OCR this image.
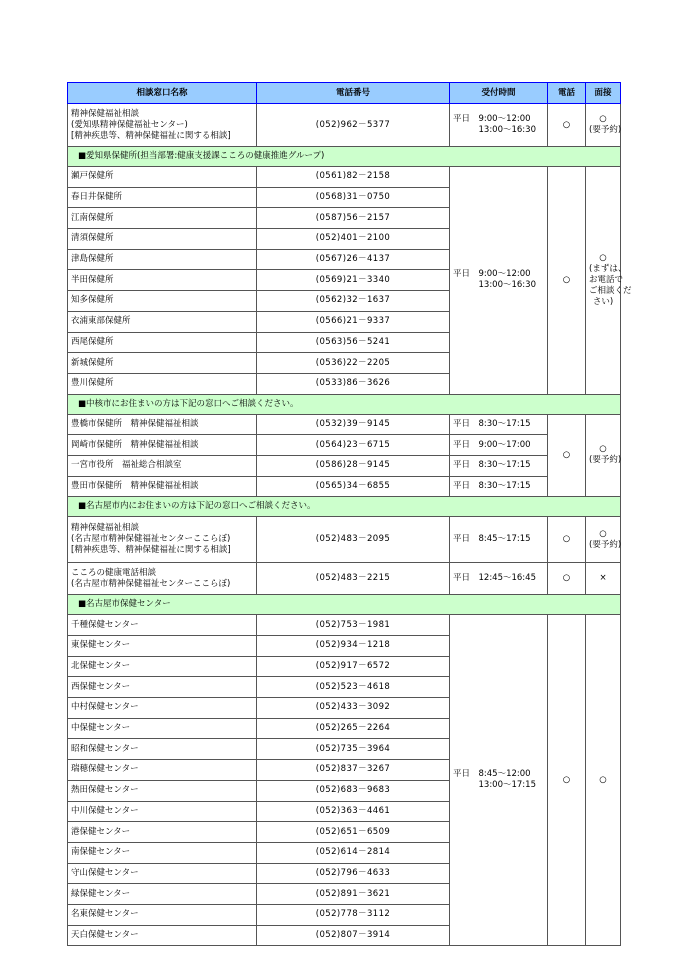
相談窓口名称	電話番号	受付時間	電話	面接
精神保健福祉相談
(愛知県精神保健福祉センター)
[精神疾患等、精神保健福祉に関する相談]	(052)962－5377	平日　9:00～12:00
　　　13:00～16:30	○	○
(要予約)
■愛知県保健所(担当部署:健康支援課こころの健康推進グループ)				
瀬戸保健所	(0561)82－2158	平日　9:00～12:00
　　　13:00～16:30	○	○
(まずは、
お電話で
ご相談くだ
さい)
春日井保健所	(0568)31－0750			
江南保健所	(0587)56－2157			
清須保健所	(052)401－2100			
津島保健所	(0567)26－4137			
半田保健所	(0569)21－3340			
知多保健所	(0562)32－1637			
衣浦東部保健所	(0566)21－9337			
西尾保健所	(0563)56－5241			
新城保健所	(0536)22－2205			
豊川保健所	(0533)86－3626			
■中核市にお住まいの方は下記の窓口へご相談ください。				
豊橋市保健所　精神保健福祉相談	(0532)39－9145	平日　8:30～17:15	○	○
(要予約)
岡崎市保健所　精神保健福祉相談	(0564)23－6715	平日　9:00～17:00		
一宮市役所　福祉総合相談室	(0586)28－9145	平日　8:30～17:15		
豊田市保健所　精神保健福祉相談	(0565)34－6855	平日　8:30～17:15		
■名古屋市内にお住まいの方は下記の窓口へご相談ください。				
精神保健福祉相談
(名古屋市精神保健福祉センターここらぼ)
[精神疾患等、精神保健福祉に関する相談]	(052)483－2095	平日　8:45～17:15	○	○
(要予約)
こころの健康電話相談
(名古屋市精神保健福祉センターここらぼ)	(052)483－2215	平日　12:45～16:45	○	×
■名古屋市保健センター				
千種保健センター	(052)753－1981	平日　8:45～12:00
　　　13:00～17:15	○	○
東保健センター	(052)934－1218			
北保健センター	(052)917－6572			
西保健センター	(052)523－4618			
中村保健センター	(052)433－3092			
中保健センター	(052)265－2264			
昭和保健センター	(052)735－3964			
瑞穂保健センター	(052)837－3267			
熱田保健センター	(052)683－9683			
中川保健センター	(052)363－4461			
港保健センター	(052)651－6509			
南保健センター	(052)614－2814			
守山保健センター	(052)796－4633			
緑保健センター	(052)891－3621			
名東保健センター	(052)778－3112			
天白保健センター	(052)807－3914			
